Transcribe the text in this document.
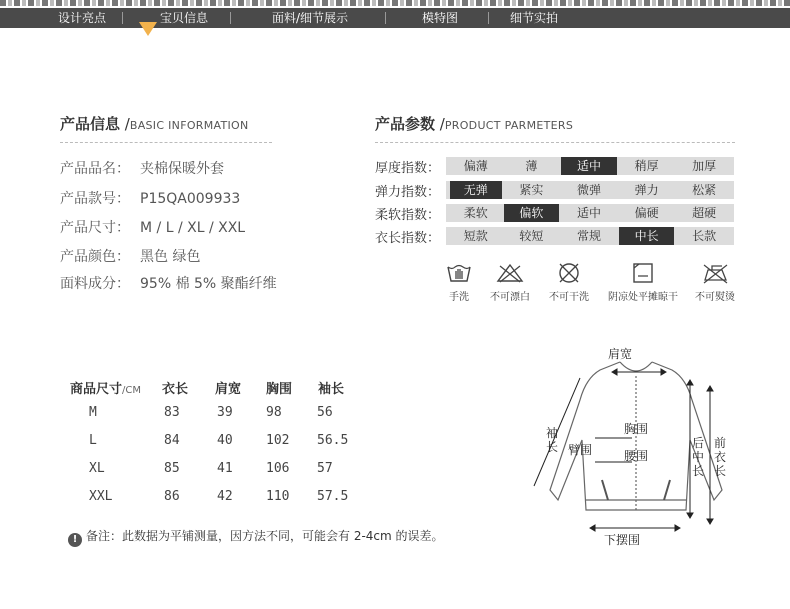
设计亮点	宝贝信息	面料/细节展示	模特图	细节实拍
产品信息 /BASIC INFORMATION
产品品名： 夹棉保暖外套
产品款号： P15QA009933
产品尺寸： M / L / XL / XXL
产品颜色： 黑色 绿色
面料成分： 95% 棉 5% 聚酯纤维
产品参数 /PRODUCT PARMETERS
厚度指数：	偏薄	薄	适中	稍厚	加厚
弹力指数：	无弹	紧实	微弹	弹力	松紧
柔软指数：	柔软	偏软	适中	偏硬	超硬
衣长指数：	短款	较短	常规	中长	长款
手洗	不可漂白	不可干洗	阴凉处平摊晾干	不可熨烫
商品尺寸/CM 衣长 肩宽 胸围 袖长
M	83	39	98	56
L	84	40	102 56.5
XL	85	41	106 57
XXL	86	42	110 57.5
! 备注：此数据为平铺测量，因方法不同，可能会有 2-4cm 的误差。
肩宽
袖长 臂围
胸围
腰围
后中长
前衣长
下摆围
